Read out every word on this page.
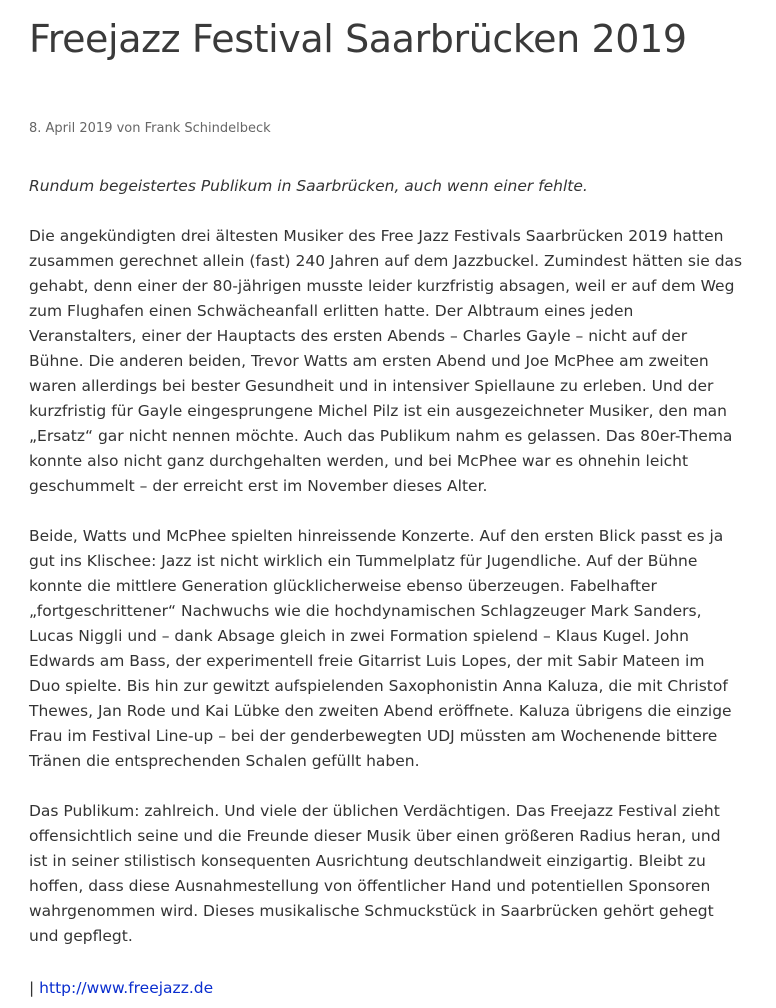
Freejazz Festival Saarbrücken 2019
8. April 2019 von Frank Schindelbeck

Rundum begeistertes Publikum in Saarbrücken, auch wenn einer fehlte.

Die angekündigten drei ältesten Musiker des Free Jazz Festivals Saarbrücken 2019 hatten
zusammen gerechnet allein (fast) 240 Jahren auf dem Jazzbuckel. Zumindest hätten sie das
gehabt, denn einer der 80-jährigen musste leider kurzfristig absagen, weil er auf dem Weg
zum Flughafen einen Schwächeanfall erlitten hatte. Der Albtraum eines jeden
Veranstalters, einer der Hauptacts des ersten Abends – Charles Gayle – nicht auf der
Bühne. Die anderen beiden, Trevor Watts am ersten Abend und Joe McPhee am zweiten
waren allerdings bei bester Gesundheit und in intensiver Spiellaune zu erleben. Und der
kurzfristig für Gayle eingesprungene Michel Pilz ist ein ausgezeichneter Musiker, den man
„Ersatz“ gar nicht nennen möchte. Auch das Publikum nahm es gelassen. Das 80er-Thema
konnte also nicht ganz durchgehalten werden, und bei McPhee war es ohnehin leicht
geschummelt – der erreicht erst im November dieses Alter.

Beide, Watts und McPhee spielten hinreissende Konzerte. Auf den ersten Blick passt es ja
gut ins Klischee: Jazz ist nicht wirklich ein Tummelplatz für Jugendliche. Auf der Bühne
konnte die mittlere Generation glücklicherweise ebenso überzeugen. Fabelhafter
„fortgeschrittener“ Nachwuchs wie die hochdynamischen Schlagzeuger Mark Sanders,
Lucas Niggli und – dank Absage gleich in zwei Formation spielend – Klaus Kugel. John
Edwards am Bass, der experimentell freie Gitarrist Luis Lopes, der mit Sabir Mateen im
Duo spielte. Bis hin zur gewitzt aufspielenden Saxophonistin Anna Kaluza, die mit Christof
Thewes, Jan Rode und Kai Lübke den zweiten Abend eröffnete. Kaluza übrigens die einzige
Frau im Festival Line-up – bei der genderbewegten UDJ müssten am Wochenende bittere
Tränen die entsprechenden Schalen gefüllt haben.

Das Publikum: zahlreich. Und viele der üblichen Verdächtigen. Das Freejazz Festival zieht
offensichtlich seine und die Freunde dieser Musik über einen größeren Radius heran, und
ist in seiner stilistisch konsequenten Ausrichtung deutschlandweit einzigartig. Bleibt zu
hoffen, dass diese Ausnahmestellung von öffentlicher Hand und potentiellen Sponsoren
wahrgenommen wird. Dieses musikalische Schmuckstück in Saarbrücken gehört gehegt
und gepflegt.

| http://www.freejazz.de
